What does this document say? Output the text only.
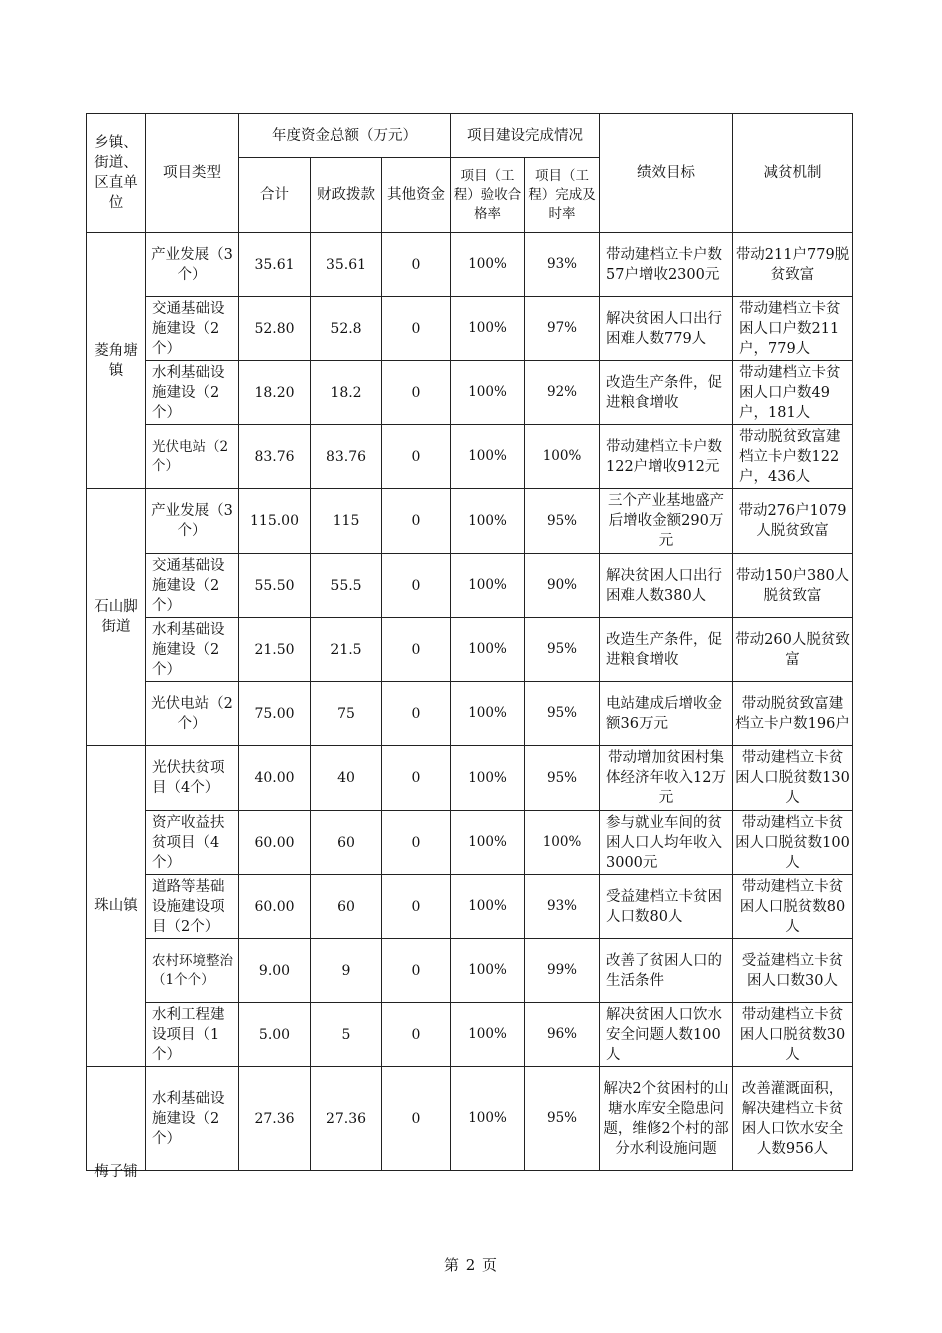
乡镇、街道、区直单位	项目类型	年度资金总额（万元）			项目建设完成情况		绩效目标	减贫机制
		合计	财政拨款	其他资金	项目（工程）验收合格率	项目（工程）完成及时率		
菱角塘镇	产业发展（3个）	35.61	35.61	0	100%	93%	带动建档立卡户数57户增收2300元	带动211户779脱贫致富
	交通基础设施建设（2个）	52.80	52.8	0	100%	97%	解决贫困人口出行困难人数779人	带动建档立卡贫困人口户数211户，779人
	水利基础设施建设（2个）	18.20	18.2	0	100%	92%	改造生产条件，促进粮食增收	带动建档立卡贫困人口户数49户，181人
	光伏电站（2个）	83.76	83.76	0	100%	100%	带动建档立卡户数122户增收912元	带动脱贫致富建档立卡户数122户，436人
石山脚街道	产业发展（3个）	115.00	115	0	100%	95%	三个产业基地盛产后增收金额290万元	带动276户1079人脱贫致富
	交通基础设施建设（2个）	55.50	55.5	0	100%	90%	解决贫困人口出行困难人数380人	带动150户380人脱贫致富
	水利基础设施建设（2个）	21.50	21.5	0	100%	95%	改造生产条件，促进粮食增收	带动260人脱贫致富
	光伏电站（2个）	75.00	75	0	100%	95%	电站建成后增收金额36万元	带动脱贫致富建档立卡户数196户
珠山镇	光伏扶贫项目（4个）	40.00	40	0	100%	95%	带动增加贫困村集体经济年收入12万元	带动建档立卡贫困人口脱贫数130人
	资产收益扶贫项目（4个）	60.00	60	0	100%	100%	参与就业车间的贫困人口人均年收入3000元	带动建档立卡贫困人口脱贫数100人
	道路等基础设施建设项目（2个）	60.00	60	0	100%	93%	受益建档立卡贫困人口数80人	带动建档立卡贫困人口脱贫数80人
	农村环境整治（1个个）	9.00	9	0	100%	99%	改善了贫困人口的生活条件	受益建档立卡贫困人口数30人
	水利工程建设项目（1个）	5.00	5	0	100%	96%	解决贫困人口饮水安全问题人数100人	带动建档立卡贫困人口脱贫数30人
梅子铺	水利基础设施建设（2个）	27.36	27.36	0	100%	95%	解决2个贫困村的山塘水库安全隐患问题，维修2个村的部分水利设施问题	改善灌溉面积，解决建档立卡贫困人口饮水安全人数956人
第 2 页
